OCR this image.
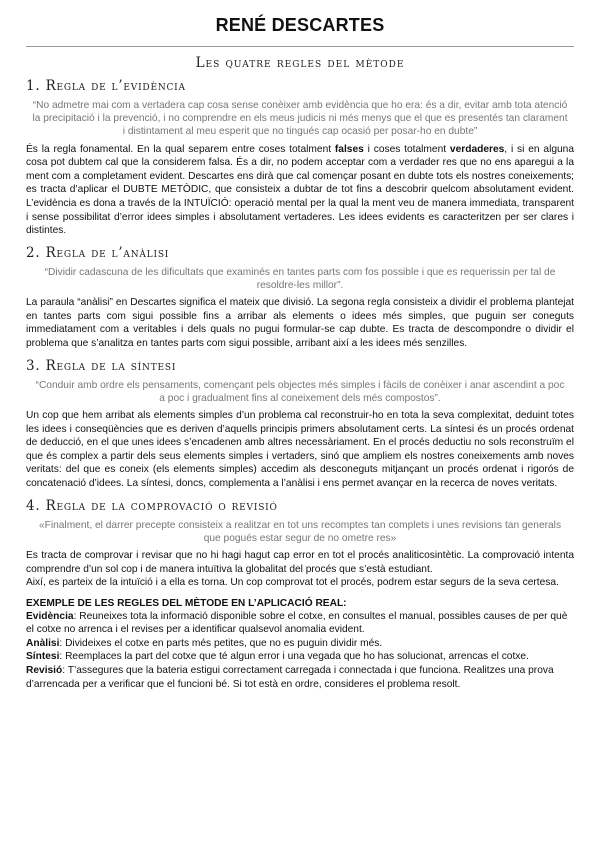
RENÉ DESCARTES
Les quatre regles del mètode
1. Regla de l’evidència
“No admetre mai com a vertadera cap cosa sense conèixer amb evidència que ho era: és a dir, evitar amb tota atenció la precipitació i la prevenció, i no comprendre en els meus judicis ni més menys que el que es presentés tan clarament i distintament al meu esperit que no tingués cap ocasió per posar-ho en dubte”

És la regla fonamental. En la qual separem entre coses totalment falses i coses totalment verdaderes, i si en alguna cosa pot dubtem cal que la considerem falsa. És a dir, no podem acceptar com a verdader res que no ens aparegui a la ment com a completament evident. Descartes ens dirà que cal començar posant en dubte tots els nostres coneixements; es tracta d’aplicar el DUBTE METÒDIC, que consisteix a dubtar de tot fins a descobrir quelcom absolutament evident. L’evidència es dona a través de la INTUÏCIÓ: operació mental per la qual la ment veu de manera immediata, transparent i sense possibilitat d’error idees simples i absolutament vertaderes. Les idees evidents es caracteritzen per ser clares i distintes.

2. Regla de l’anàlisi
“Dividir cadascuna de les dificultats que examinés en tantes parts com fos possible i que es requerissin per tal de resoldre-les millor”.

La paraula “anàlisi” en Descartes significa el mateix que divisió. La segona regla consisteix a dividir el problema plantejat en tantes parts com sigui possible fins a arribar als elements o idees més simples, que puguin ser coneguts immediatament com a veritables i dels quals no pugui formular-se cap dubte. Es tracta de descompondre o dividir el problema que s’analitza en tantes parts com sigui possible, arribant així a les idees més senzilles.

3. Regla de la síntesi
“Conduir amb ordre els pensaments, començant pels objectes més simples i fàcils de conèixer i anar ascendint a poc a poc i gradualment fins al coneixement dels més compostos”.

Un cop que hem arribat als elements simples d’un problema cal reconstruir-ho en tota la seva complexitat, deduint totes les idees i conseqüències que es deriven d’aquells principis primers absolutament certs. La síntesi és un procés ordenat de deducció, en el que unes idees s’encadenen amb altres necessàriament. En el procés deductiu no sols reconstruïm el que és complex a partir dels seus elements simples i vertaders, sinó que ampliem els nostres coneixements amb noves veritats: del que es coneix (els elements simples) accedim als desconeguts mitjançant un procés ordenat i rigorós de concatenació d’idees. La síntesi, doncs, complementa a l’anàlisi i ens permet avançar en la recerca de noves veritats.

4. Regla de la comprovació o revisió
«Finalment, el darrer precepte consisteix a realitzar en tot uns recomptes tan complets i unes revisions tan generals que pogués estar segur de no ometre res»

Es tracta de comprovar i revisar que no hi hagi hagut cap error en tot el procés analiticosintètic. La comprovació intenta comprendre d’un sol cop i de manera intuïtiva la globalitat del procés que s’està estudiant.

Així, es parteix de la intuïció i a ella es torna. Un cop comprovat tot el procés, podrem estar segurs de la seva certesa.

EXEMPLE DE LES REGLES DEL MÈTODE EN L’APLICACIÓ REAL:

Evidència: Reuneixes tota la informació disponible sobre el cotxe, en consultes el manual, possibles causes de per què el cotxe no arrenca i el revises per a identificar qualsevol anomalia evident.

Anàlisi: Divideixes el cotxe en parts més petites, que no es puguin dividir més.

Síntesi: Reemplaces la part del cotxe que té algun error i una vegada que ho has solucionat, arrencas el cotxe.

Revisió: T’assegures que la bateria estigui correctament carregada i connectada i que funciona. Realitzes una prova d’arrencada per a verificar que el funcioni bé. Si tot està en ordre, consideres el problema resolt.
